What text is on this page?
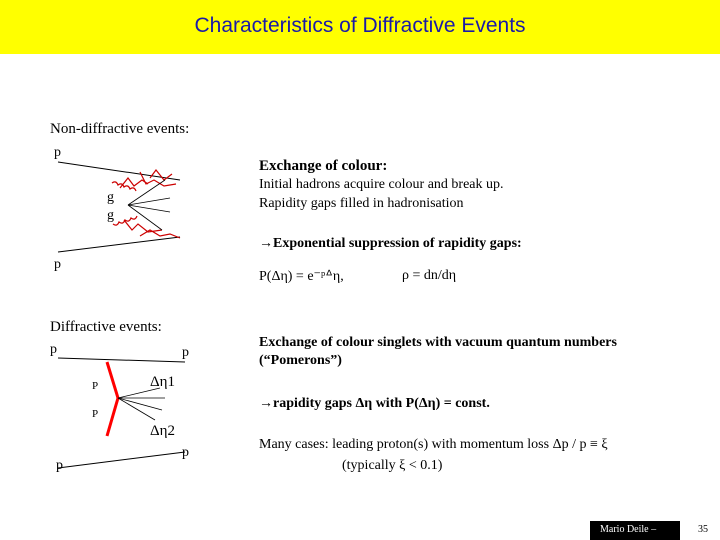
Characteristics of Diffractive Events
Non-diffractive events:
p
p
g
g
Exchange of colour:
Initial hadrons acquire colour and break up.
Rapidity gaps filled in hadronisation
→Exponential suppression of rapidity gaps:
P(Δη) = e⁻ᵖᐞη,	ρ = dn/dη
Diffractive events:
p	p
P
P
p
p
Δη1
Δη2
Exchange of colour singlets with vacuum quantum numbers
(“Pomerons”)
→rapidity gaps Δη with P(Δη) = const.
Many cases: leading proton(s) with momentum loss Δp / p ≡ ξ
(typically ξ < 0.1)
Mario Deile –	35
